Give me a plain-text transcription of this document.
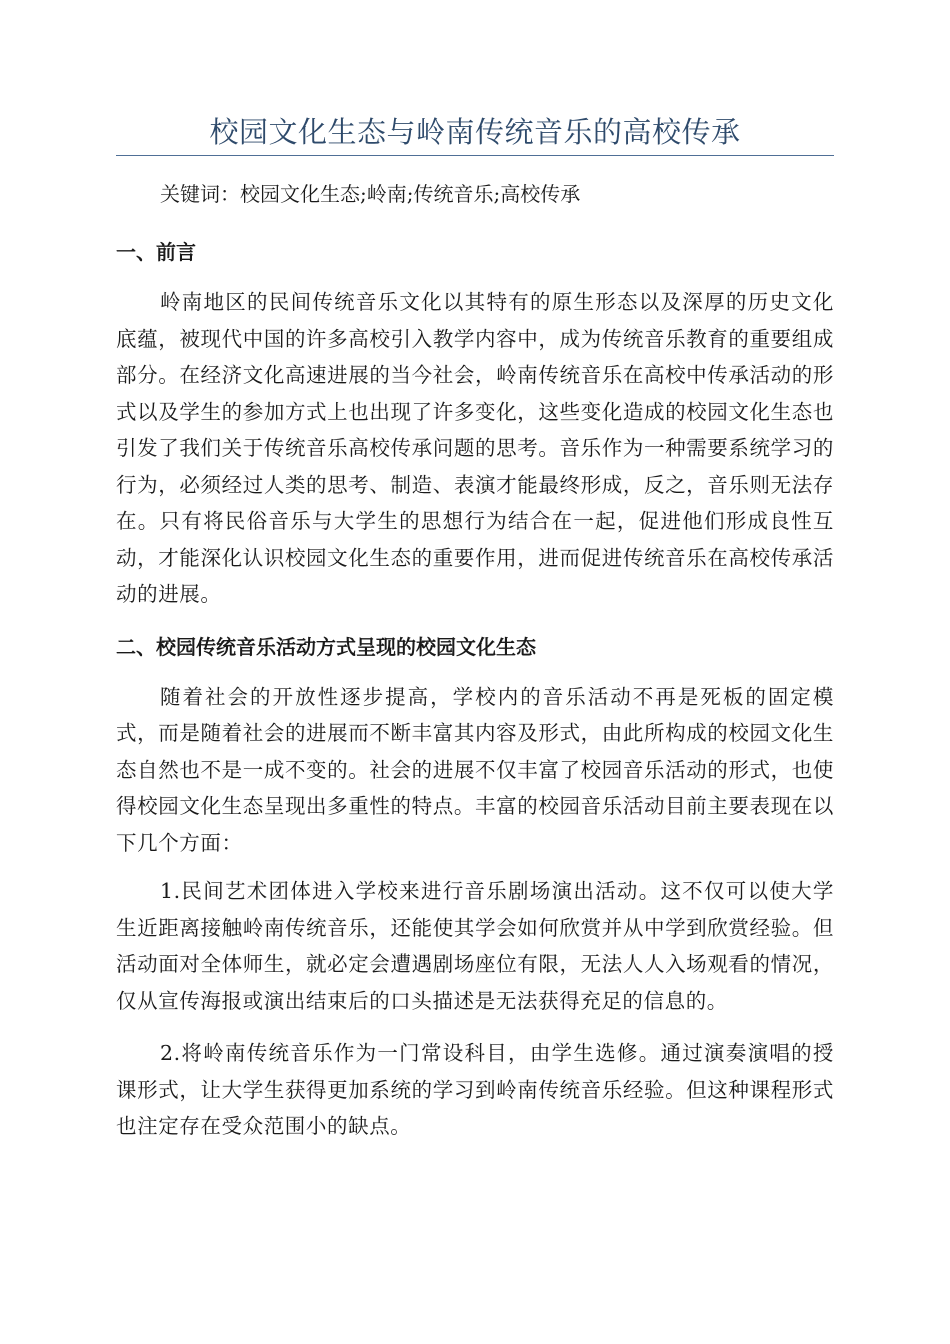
校园文化生态与岭南传统音乐的高校传承

关键词：校园文化生态;岭南;传统音乐;高校传承

一、前言

岭南地区的民间传统音乐文化以其特有的原生形态以及深厚的历史文化底蕴，被现代中国的许多高校引入教学内容中，成为传统音乐教育的重要组成部分。在经济文化高速进展的当今社会，岭南传统音乐在高校中传承活动的形式以及学生的参加方式上也出现了许多变化，这些变化造成的校园文化生态也引发了我们关于传统音乐高校传承问题的思考。音乐作为一种需要系统学习的行为，必须经过人类的思考、制造、表演才能最终形成，反之，音乐则无法存在。只有将民俗音乐与大学生的思想行为结合在一起，促进他们形成良性互动，才能深化认识校园文化生态的重要作用，进而促进传统音乐在高校传承活动的进展。

二、校园传统音乐活动方式呈现的校园文化生态

随着社会的开放性逐步提高，学校内的音乐活动不再是死板的固定模式，而是随着社会的进展而不断丰富其内容及形式，由此所构成的校园文化生态自然也不是一成不变的。社会的进展不仅丰富了校园音乐活动的形式，也使得校园文化生态呈现出多重性的特点。丰富的校园音乐活动目前主要表现在以下几个方面：

1.民间艺术团体进入学校来进行音乐剧场演出活动。这不仅可以使大学生近距离接触岭南传统音乐，还能使其学会如何欣赏并从中学到欣赏经验。但活动面对全体师生，就必定会遭遇剧场座位有限，无法人人入场观看的情况，仅从宣传海报或演出结束后的口头描述是无法获得充足的信息的。

2.将岭南传统音乐作为一门常设科目，由学生选修。通过演奏演唱的授课形式，让大学生获得更加系统的学习到岭南传统音乐经验。但这种课程形式也注定存在受众范围小的缺点。
